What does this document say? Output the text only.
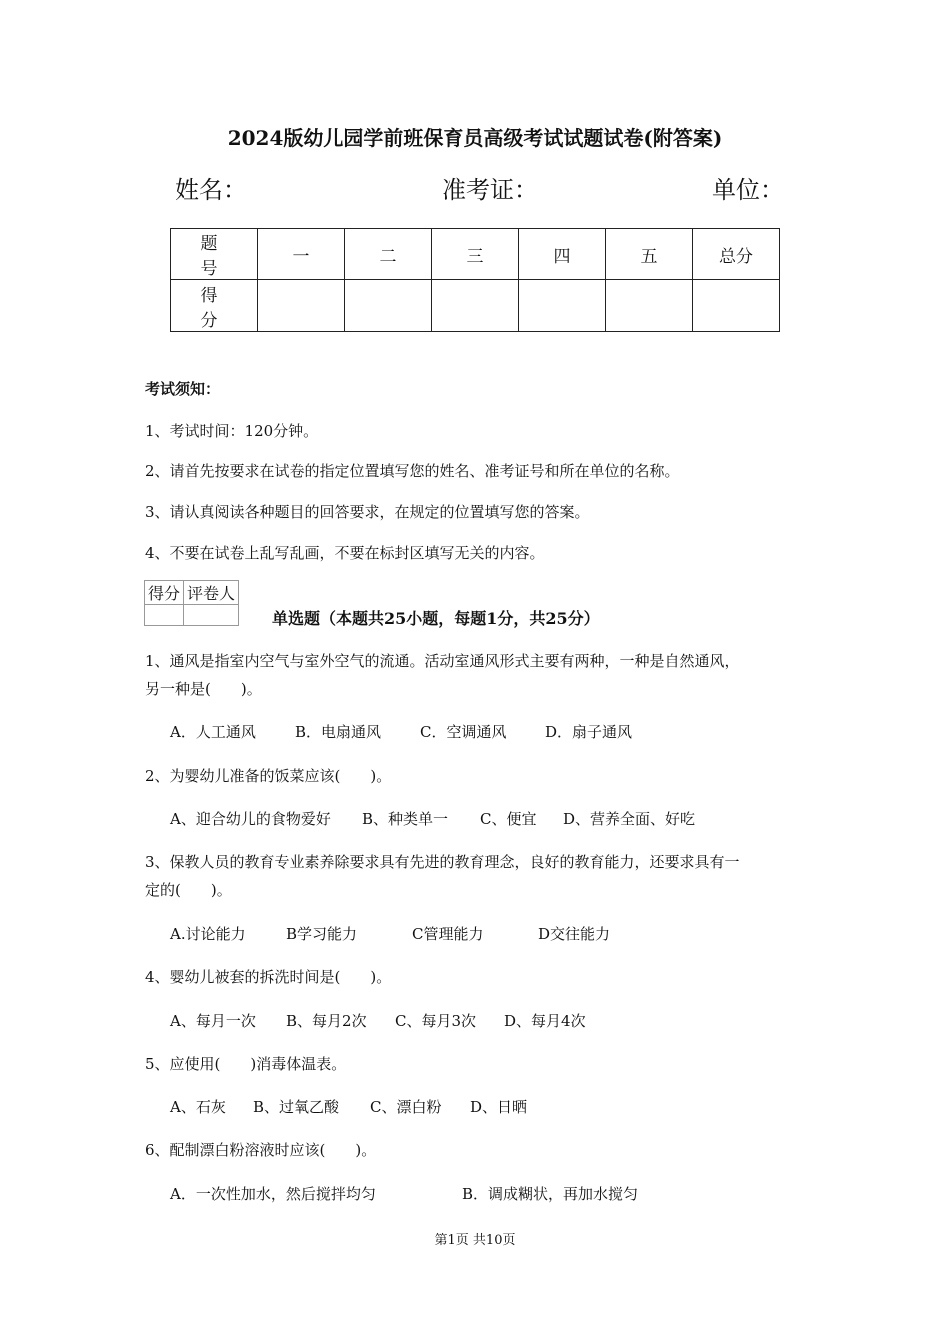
2024版幼儿园学前班保育员高级考试试题试卷(附答案)
姓名：	准考证：	单位：
题 号	一	二	三	四	五	总分
得 分						
考试须知：
1、考试时间：120分钟。
2、请首先按要求在试卷的指定位置填写您的姓名、准考证号和所在单位的名称。
3、请认真阅读各种题目的回答要求，在规定的位置填写您的答案。
4、不要在试卷上乱写乱画，不要在标封区填写无关的内容。
得分	评卷人

单选题（本题共25小题，每题1分，共25分）
1、通风是指室内空气与室外空气的流通。活动室通风形式主要有两种，一种是自然通风，
另一种是(　　)。
A．人工通风	B．电扇通风	C．空调通风	D．扇子通风
2、为婴幼儿准备的饭菜应该(　　)。
A、迎合幼儿的食物爱好 B、种类单一 C、便宜 D、营养全面、好吃
3、保教人员的教育专业素养除要求具有先进的教育理念，良好的教育能力，还要求具有一
定的(　　)。
A.讨论能力	B学习能力	C管理能力	D交往能力
4、婴幼儿被套的拆洗时间是(　　)。
A、每月一次 B、每月2次 C、每月3次 D、每月4次
5、应使用(　　)消毒体温表。
A、石灰 B、过氧乙酸 C、漂白粉 D、日晒
6、配制漂白粉溶液时应该(　　)。
A．一次性加水，然后搅拌均匀	B．调成糊状，再加水搅匀
第1页 共10页
